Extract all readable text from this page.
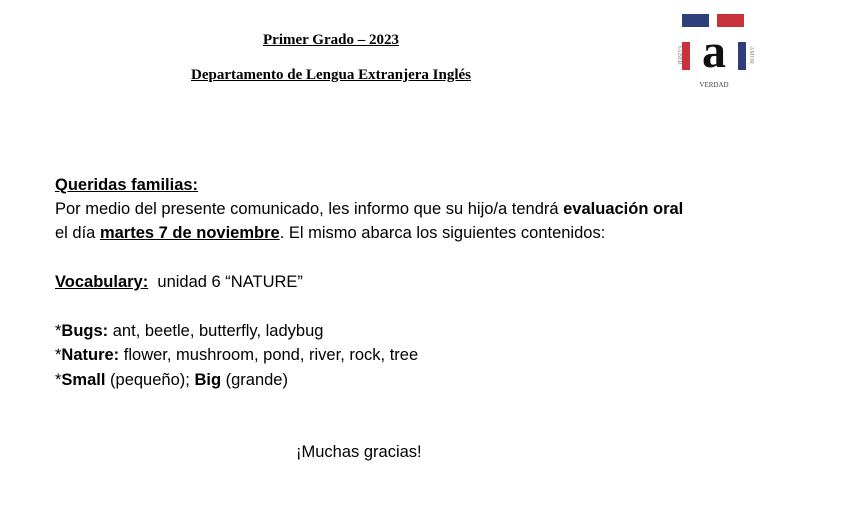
Primer Grado – 2023
Departamento de Lengua Extranjera Inglés	a
SABER	AMOR
VERDAD
Queridas familias:
Por medio del presente comunicado, les informo que su hijo/a tendrá evaluación oral
el día martes 7 de noviembre. El mismo abarca los siguientes contenidos:
Vocabulary:  unidad 6 “NATURE”
*Bugs: ant, beetle, butterfly, ladybug
*Nature: flower, mushroom, pond, river, rock, tree
*Small (pequeño); Big (grande)
¡Muchas gracias!
